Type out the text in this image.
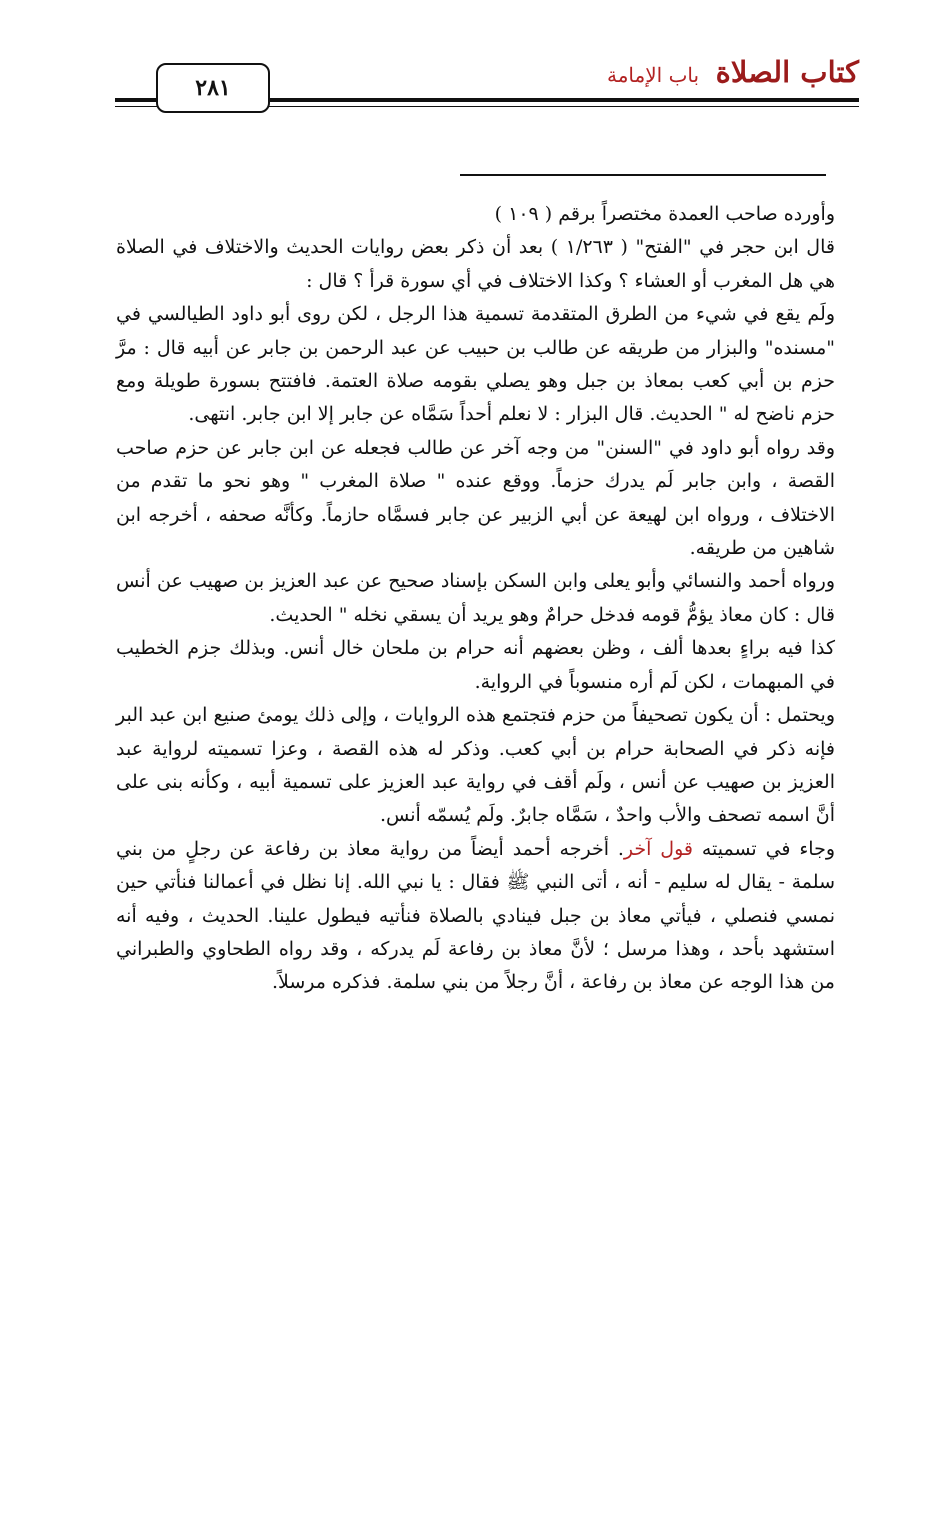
كتاب الصلاة باب الإمامة
٢٨١

وأورده صاحب العمدة مختصراً برقم ( ١٠٩ )

قال ابن حجر في "الفتح" ( ١/٢٦٣ ) بعد أن ذكر بعض روايات الحديث والاختلاف في الصلاة هي هل المغرب أو العشاء ؟ وكذا الاختلاف في أي سورة قرأ ؟ قال :

ولَم يقع في شيء من الطرق المتقدمة تسمية هذا الرجل ، لكن روى أبو داود الطيالسي في "مسنده" والبزار من طريقه عن طالب بن حبيب عن عبد الرحمن بن جابر عن أبيه قال : مرَّ حزم بن أبي كعب بمعاذ بن جبل وهو يصلي بقومه صلاة العتمة. فافتتح بسورة طويلة ومع حزم ناضح له " الحديث. قال البزار : لا نعلم أحداً سَمَّاه عن جابر إلا ابن جابر. انتهى.

وقد رواه أبو داود في "السنن" من وجه آخر عن طالب فجعله عن ابن جابر عن حزم صاحب القصة ، وابن جابر لَم يدرك حزماً. ووقع عنده " صلاة المغرب " وهو نحو ما تقدم من الاختلاف ، ورواه ابن لهيعة عن أبي الزبير عن جابر فسمَّاه حازماً. وكأنَّه صحفه ، أخرجه ابن شاهين من طريقه.

ورواه أحمد والنسائي وأبو يعلى وابن السكن بإسناد صحيح عن عبد العزيز بن صهيب عن أنس قال : كان معاذ يؤمُّ قومه فدخل حرامٌ وهو يريد أن يسقي نخله " الحديث.

كذا فيه براءٍ بعدها ألف ، وظن بعضهم أنه حرام بن ملحان خال أنس. وبذلك جزم الخطيب في المبهمات ، لكن لَم أره منسوباً في الرواية.

ويحتمل : أن يكون تصحيفاً من حزم فتجتمع هذه الروايات ، وإلى ذلك يومئ صنيع ابن عبد البر فإنه ذكر في الصحابة حرام بن أبي كعب. وذكر له هذه القصة ، وعزا تسميته لرواية عبد العزيز بن صهيب عن أنس ، ولَم أقف في رواية عبد العزيز على تسمية أبيه ، وكأنه بنى على أنَّ اسمه تصحف والأب واحدٌ ، سَمَّاه جابرٌ. ولَم يُسمّه أنس.

وجاء في تسميته قول آخر. أخرجه أحمد أيضاً من رواية معاذ بن رفاعة عن رجلٍ من بني سلمة - يقال له سليم - أنه ، أتى النبي ﷺ فقال : يا نبي الله. إنا نظل في أعمالنا فنأتي حين نمسي فنصلي ، فيأتي معاذ بن جبل فينادي بالصلاة فنأتيه فيطول علينا. الحديث ، وفيه أنه استشهد بأحد ، وهذا مرسل ؛ لأنَّ معاذ بن رفاعة لَم يدركه ، وقد رواه الطحاوي والطبراني من هذا الوجه عن معاذ بن رفاعة ، أنَّ رجلاً من بني سلمة. فذكره مرسلاً.
